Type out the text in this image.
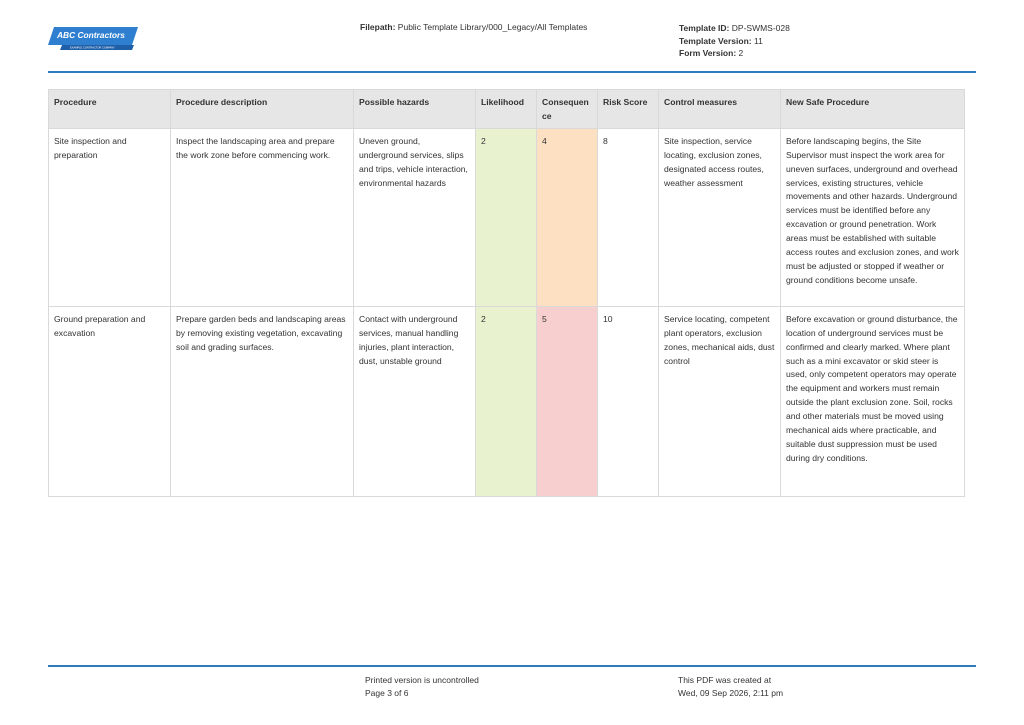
ABC Contractors
EXAMPLE CONTRACTOR COMPANY
Filepath: Public Template Library/000_Legacy/All Templates	Template ID: DP-SWMS-028
Template Version: 11
Form Version: 2
Procedure	Procedure description	Possible hazards	Likelihood	Consequence	Risk Score	Control measures	New Safe Procedure
Site inspection and preparation	Inspect the landscaping area and prepare the work zone before commencing work.	Uneven ground, underground services, slips and trips, vehicle interaction, environmental hazards	2	4	8	Site inspection, service locating, exclusion zones, designated access routes, weather assessment	Before landscaping begins, the Site Supervisor must inspect the work area for uneven surfaces, underground and overhead services, existing structures, vehicle movements and other hazards. Underground services must be identified before any excavation or ground penetration. Work areas must be established with suitable access routes and exclusion zones, and work must be adjusted or stopped if weather or ground conditions become unsafe.
Ground preparation and excavation	Prepare garden beds and landscaping areas by removing existing vegetation, excavating soil and grading surfaces.	Contact with underground services, manual handling injuries, plant interaction, dust, unstable ground	2	5	10	Service locating, competent plant operators, exclusion zones, mechanical aids, dust control	Before excavation or ground disturbance, the location of underground services must be confirmed and clearly marked. Where plant such as a mini excavator or skid steer is used, only competent operators may operate the equipment and workers must remain outside the plant exclusion zone. Soil, rocks and other materials must be moved using mechanical aids where practicable, and suitable dust suppression must be used during dry conditions.
Printed version is uncontrolled
Page 3 of 6
This PDF was created at
Wed, 09 Sep 2026, 2:11 pm
